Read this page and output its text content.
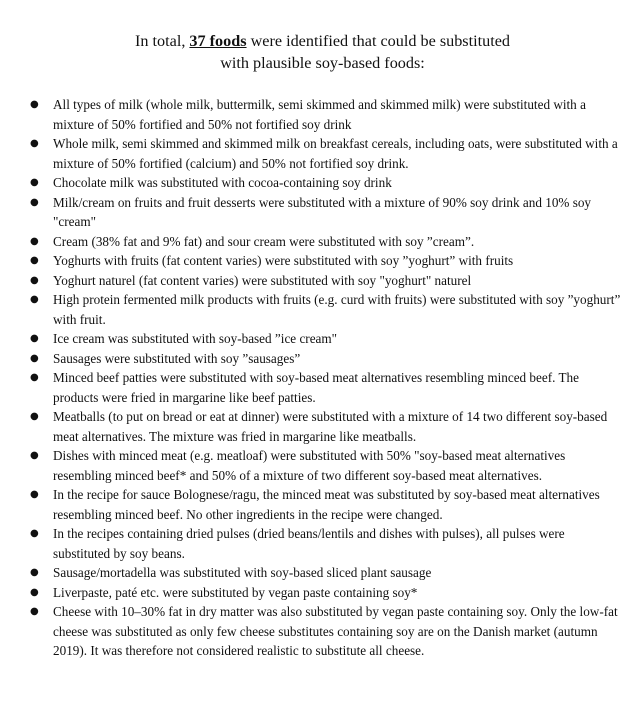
In total, 37 foods were identified that could be substituted
with plausible soy-based foods:
● All types of milk (whole milk, buttermilk, semi skimmed and skimmed milk) were substituted with a mixture of 50% fortified and 50% not fortified soy drink
● Whole milk, semi skimmed and skimmed milk on breakfast cereals, including oats, were substituted with a mixture of 50% fortified (calcium) and 50% not fortified soy drink.
● Chocolate milk was substituted with cocoa-containing soy drink
● Milk/cream on fruits and fruit desserts were substituted with a mixture of 90% soy drink and 10% soy "cream"
● Cream (38% fat and 9% fat) and sour cream were substituted with soy ”cream”.
● Yoghurts with fruits (fat content varies) were substituted with soy ”yoghurt” with fruits
● Yoghurt naturel (fat content varies) were substituted with soy "yoghurt" naturel
● High protein fermented milk products with fruits (e.g. curd with fruits) were substituted with soy ”yoghurt” with fruit.
● Ice cream was substituted with soy-based ”ice cream"
● Sausages were substituted with soy ”sausages”
● Minced beef patties were substituted with soy-based meat alternatives resembling minced beef. The products were fried in margarine like beef patties.
● Meatballs (to put on bread or eat at dinner) were substituted with a mixture of 14 two different soy-based meat alternatives. The mixture was fried in margarine like meatballs.
● Dishes with minced meat (e.g. meatloaf) were substituted with 50% "soy-based meat alternatives resembling minced beef* and 50% of a mixture of two different soy-based meat alternatives.
● In the recipe for sauce Bolognese/ragu, the minced meat was substituted by soy-based meat alternatives resembling minced beef. No other ingredients in the recipe were changed.
● In the recipes containing dried pulses (dried beans/lentils and dishes with pulses), all pulses were substituted by soy beans.
● Sausage/mortadella was substituted with soy-based sliced plant sausage
● Liverpaste, paté etc. were substituted by vegan paste containing soy*
● Cheese with 10–30% fat in dry matter was also substituted by vegan paste containing soy. Only the low-fat cheese was substituted as only few cheese substitutes containing soy are on the Danish market (autumn 2019). It was therefore not considered realistic to substitute all cheese.
